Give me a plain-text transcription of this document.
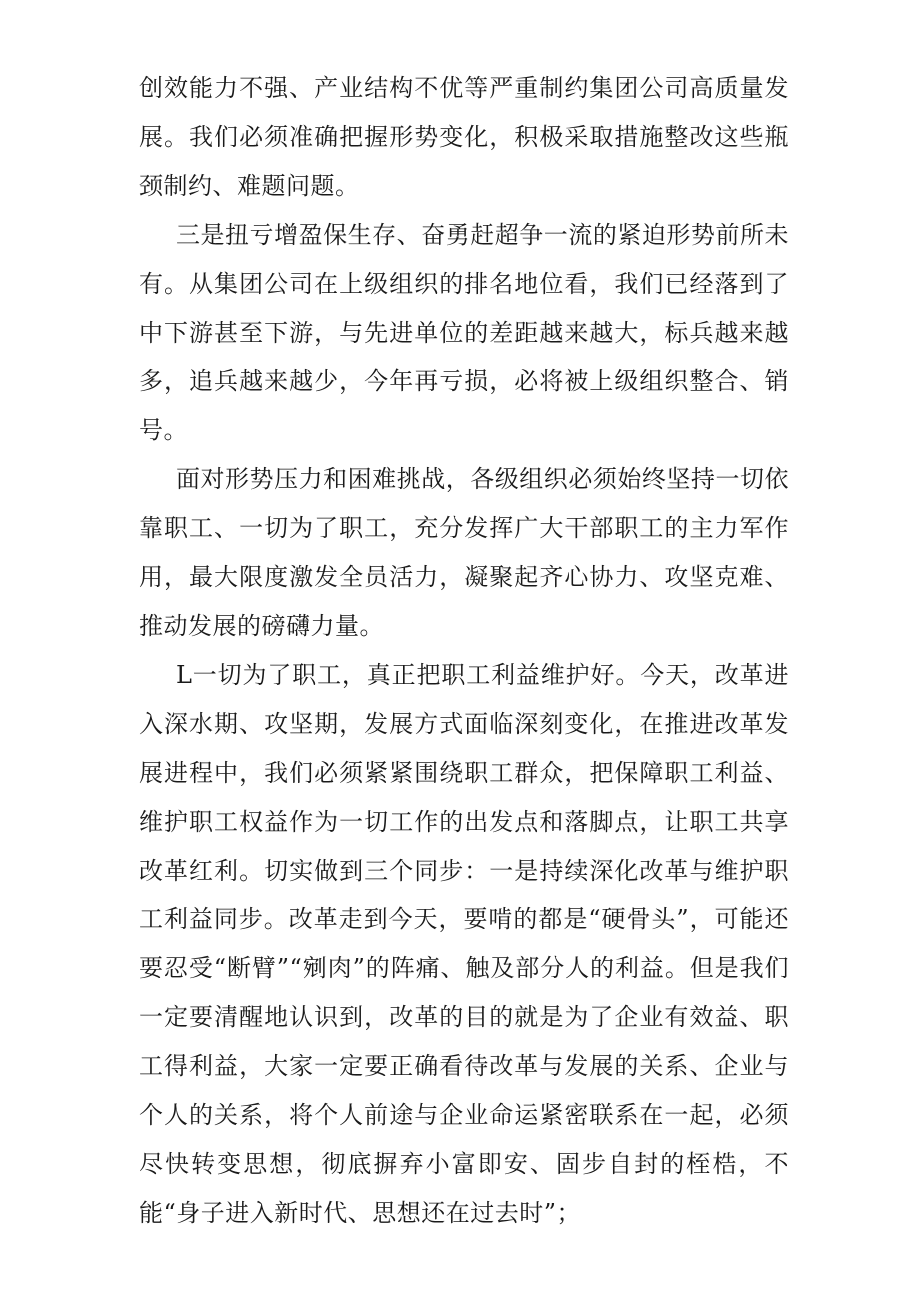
创效能力不强、产业结构不优等严重制约集团公司高质量发展。我们必须准确把握形势变化，积极采取措施整改这些瓶颈制约、难题问题。

三是扭亏增盈保生存、奋勇赶超争一流的紧迫形势前所未有。从集团公司在上级组织的排名地位看，我们已经落到了中下游甚至下游，与先进单位的差距越来越大，标兵越来越多，追兵越来越少，今年再亏损，必将被上级组织整合、销号。

面对形势压力和困难挑战，各级组织必须始终坚持一切依靠职工、一切为了职工，充分发挥广大干部职工的主力军作用，最大限度激发全员活力，凝聚起齐心协力、攻坚克难、推动发展的磅礴力量。

L一切为了职工，真正把职工利益维护好。今天，改革进入深水期、攻坚期，发展方式面临深刻变化，在推进改革发展进程中，我们必须紧紧围绕职工群众，把保障职工利益、维护职工权益作为一切工作的出发点和落脚点，让职工共享改革红利。切实做到三个同步：一是持续深化改革与维护职工利益同步。改革走到今天，要啃的都是“硬骨头”，可能还要忍受“断臂”“剜肉”的阵痛、触及部分人的利益。但是我们一定要清醒地认识到，改革的目的就是为了企业有效益、职工得利益，大家一定要正确看待改革与发展的关系、企业与个人的关系，将个人前途与企业命运紧密联系在一起，必须尽快转变思想，彻底摒弃小富即安、固步自封的桎梏，不能“身子进入新时代、思想还在过去时”；
